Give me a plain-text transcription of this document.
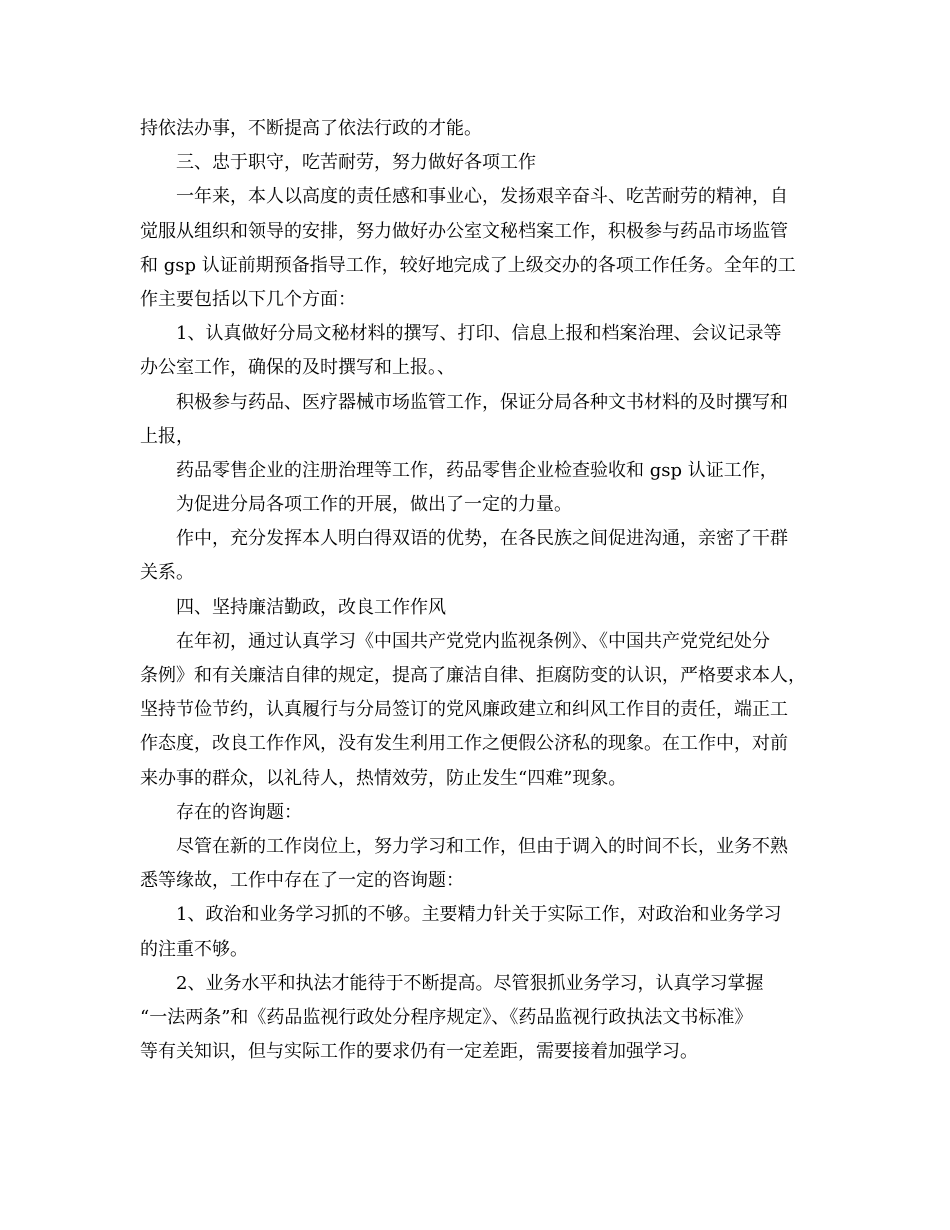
持依法办事，不断提高了依法行政的才能。
三、忠于职守，吃苦耐劳，努力做好各项工作
一年来，本人以高度的责任感和事业心，发扬艰辛奋斗、吃苦耐劳的精神，自
觉服从组织和领导的安排，努力做好办公室文秘档案工作，积极参与药品市场监管
和 gsp 认证前期预备指导工作，较好地完成了上级交办的各项工作任务。全年的工
作主要包括以下几个方面：
1、认真做好分局文秘材料的撰写、打印、信息上报和档案治理、会议记录等
办公室工作，确保的及时撰写和上报。、
积极参与药品、医疗器械市场监管工作，保证分局各种文书材料的及时撰写和
上报，
药品零售企业的注册治理等工作，药品零售企业检查验收和 gsp 认证工作，
为促进分局各项工作的开展，做出了一定的力量。
作中，充分发挥本人明白得双语的优势，在各民族之间促进沟通，亲密了干群
关系。
四、坚持廉洁勤政，改良工作作风
在年初，通过认真学习《中国共产党党内监视条例》、《中国共产党党纪处分
条例》和有关廉洁自律的规定，提高了廉洁自律、拒腐防变的认识，严格要求本人，
坚持节俭节约，认真履行与分局签订的党风廉政建立和纠风工作目的责任，端正工
作态度，改良工作作风，没有发生利用工作之便假公济私的现象。在工作中，对前
来办事的群众，以礼待人，热情效劳，防止发生“四难”现象。
存在的咨询题：
尽管在新的工作岗位上，努力学习和工作，但由于调入的时间不长，业务不熟
悉等缘故，工作中存在了一定的咨询题：
1、政治和业务学习抓的不够。主要精力针关于实际工作，对政治和业务学习
的注重不够。
2、业务水平和执法才能待于不断提高。尽管狠抓业务学习，认真学习掌握
“一法两条”和《药品监视行政处分程序规定》、《药品监视行政执法文书标准》
等有关知识，但与实际工作的要求仍有一定差距，需要接着加强学习。
